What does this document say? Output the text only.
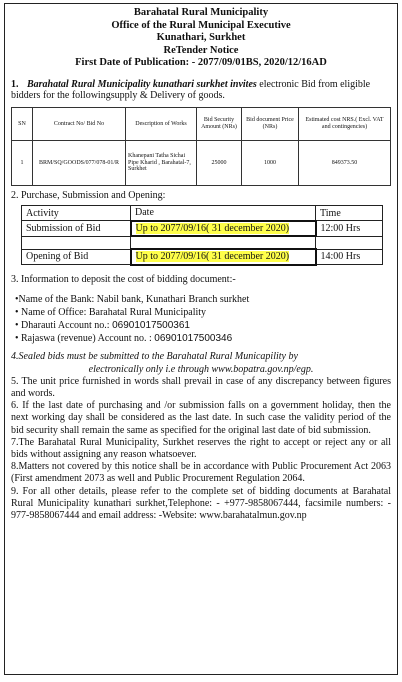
Barahatal Rural Municipality
Office of the Rural Municipal Executive
Kunathari, Surkhet
ReTender Notice
First Date of Publication: - 2077/09/01BS, 2020/12/16AD
1. Barahatal Rural Municipality kunathari surkhet invites electronic Bid from eligible bidders for the followingsupply & Delivery of goods.
SN	Contract No/ Bid No	Description of Works	Bid Security Amount (NRs)	Bid document Price (NRs)	Estimated cost NRS.( Excl. VAT and contingencies)
1	BRM/SQ/GOODS/077/078-01/R	Khanepani Tatha Sichai Pipe Kharid , Barahatal-7, Surkhet	25000	1000	849373.50
2. Purchase, Submission and Opening:
Activity	Date	Time
Submission of Bid	Up to 2077/09/16( 31 december 2020)	12:00 Hrs

Opening of Bid	Up to 2077/09/16( 31 december 2020)	14:00 Hrs
3. Information to deposit the cost of bidding document:-
•Name of the Bank: Nabil bank, Kunathari Branch surkhet
• Name of Office: Barahatal Rural Municipality
• Dharauti Account no.: 06901017500361
• Rajaswa (revenue) Account no. : 06901017500346

4.Sealed bids must be submitted to the Barahatal Rural Municapility by

electronically only i.e through www.bopatra.gov.np/egp.

5. The unit price furnished in words shall prevail in case of any discrepancy between figures and words.

6. If the last date of purchasing and /or submission falls on a government holiday, then the next working day shall be considered as the last date. In such case the validity period of the bid security shall remain the same as specified for the original last date of bid submission.

7.The Barahatal Rural Municipality, Surkhet reserves the right to accept or reject any or all bids without assigning any reason whatsoever.

8.Matters not covered by this notice shall be in accordance with Public Procurement Act 2063 (First amendment 2073 as well and Public Procurement Regulation 2064.

9. For all other details, please refer to the complete set of bidding documents at Barahatal Rural Municipality kunathari surkhet,Telephone: - +977-9858067444, facsimile numbers: - 977-9858067444 and email address: -Website: www.barahatalmun.gov.np
